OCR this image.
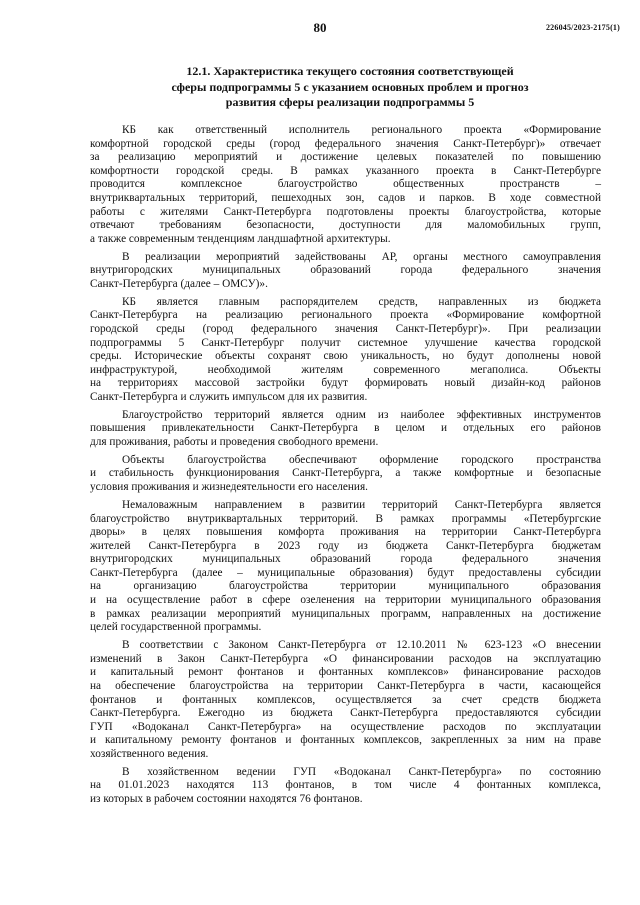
80	226045/2023-2175(1)
12.1. Характеристика текущего состояния соответствующей
сферы подпрограммы 5 с указанием основных проблем и прогноз
развития сферы реализации подпрограммы 5
КБ как ответственный исполнитель регионального проекта «Формирование
комфортной городской среды (город федерального значения Санкт-Петербург)» отвечает
за реализацию мероприятий и достижение целевых показателей по повышению
комфортности городской среды. В рамках указанного проекта в Санкт-Петербурге
проводится комплексное благоустройство общественных пространств –
внутриквартальных территорий, пешеходных зон, садов и парков. В ходе совместной
работы с жителями Санкт-Петербурга подготовлены проекты благоустройства, которые
отвечают требованиям безопасности, доступности для маломобильных групп,
а также современным тенденциям ландшафтной архитектуры.
В реализации мероприятий задействованы АР, органы местного самоуправления
внутригородских муниципальных образований города федерального значения
Санкт-Петербурга (далее – ОМСУ)».
КБ является главным распорядителем средств, направленных из бюджета
Санкт-Петербурга на реализацию регионального проекта «Формирование комфортной
городской среды (город федерального значения Санкт-Петербург)». При реализации
подпрограммы 5 Санкт-Петербург получит системное улучшение качества городской
среды. Исторические объекты сохранят свою уникальность, но будут дополнены новой
инфраструктурой, необходимой жителям современного мегаполиса. Объекты
на территориях массовой застройки будут формировать новый дизайн-код районов
Санкт-Петербурга и служить импульсом для их развития.
Благоустройство территорий является одним из наиболее эффективных инструментов
повышения привлекательности Санкт-Петербурга в целом и отдельных его районов
для проживания, работы и проведения свободного времени.
Объекты благоустройства обеспечивают оформление городского пространства
и стабильность функционирования Санкт-Петербурга, а также комфортные и безопасные
условия проживания и жизнедеятельности его населения.
Немаловажным направлением в развитии территорий Санкт-Петербурга является
благоустройство внутриквартальных территорий. В рамках программы «Петербургские
дворы» в целях повышения комфорта проживания на территории Санкт-Петербурга
жителей Санкт-Петербурга в 2023 году из бюджета Санкт-Петербурга бюджетам
внутригородских муниципальных образований города федерального значения
Санкт-Петербурга (далее – муниципальные образования) будут предоставлены субсидии
на организацию благоустройства территории муниципального образования
и на осуществление работ в сфере озеленения на территории муниципального образования
в рамках реализации мероприятий муниципальных программ, направленных на достижение
целей государственной программы.
В соответствии с Законом Санкт-Петербурга от 12.10.2011 № 623-123 «О внесении
изменений в Закон Санкт-Петербурга «О финансировании расходов на эксплуатацию
и капитальный ремонт фонтанов и фонтанных комплексов» финансирование расходов
на обеспечение благоустройства на территории Санкт-Петербурга в части, касающейся
фонтанов и фонтанных комплексов, осуществляется за счет средств бюджета
Санкт-Петербурга. Ежегодно из бюджета Санкт-Петербурга предоставляются субсидии
ГУП «Водоканал Санкт-Петербурга» на осуществление расходов по эксплуатации
и капитальному ремонту фонтанов и фонтанных комплексов, закрепленных за ним на праве
хозяйственного ведения.
В хозяйственном ведении ГУП «Водоканал Санкт-Петербурга» по состоянию
на 01.01.2023 находятся 113 фонтанов, в том числе 4 фонтанных комплекса,
из которых в рабочем состоянии находятся 76 фонтанов.
